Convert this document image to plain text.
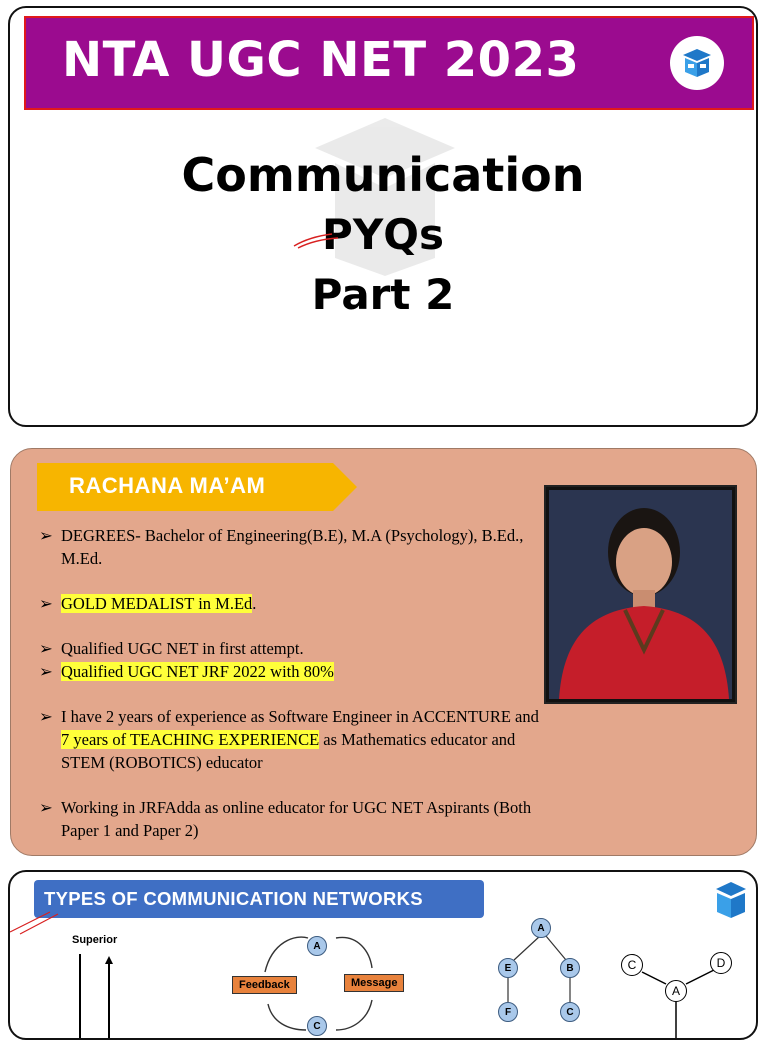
NTA UGC NET 2023
Communication
PYQs
Part 2
RACHANA MA’AM
➢ DEGREES- Bachelor of Engineering(B.E), M.A (Psychology), B.Ed., M.Ed.
➢ GOLD MEDALIST in M.Ed.
➢ Qualified UGC NET in first attempt.
➢ Qualified UGC NET JRF 2022 with 80%
➢ I have 2 years of experience as Software Engineer in ACCENTURE and 7 years of TEACHING EXPERIENCE as Mathematics educator and STEM (ROBOTICS) educator
➢ Working in JRFAdda as online educator for UGC NET Aspirants (Both Paper 1 and Paper 2)
TYPES OF COMMUNICATION NETWORKS
Superior
Feedback	Message
A
C
A
E	B
F	C
C
A
D
